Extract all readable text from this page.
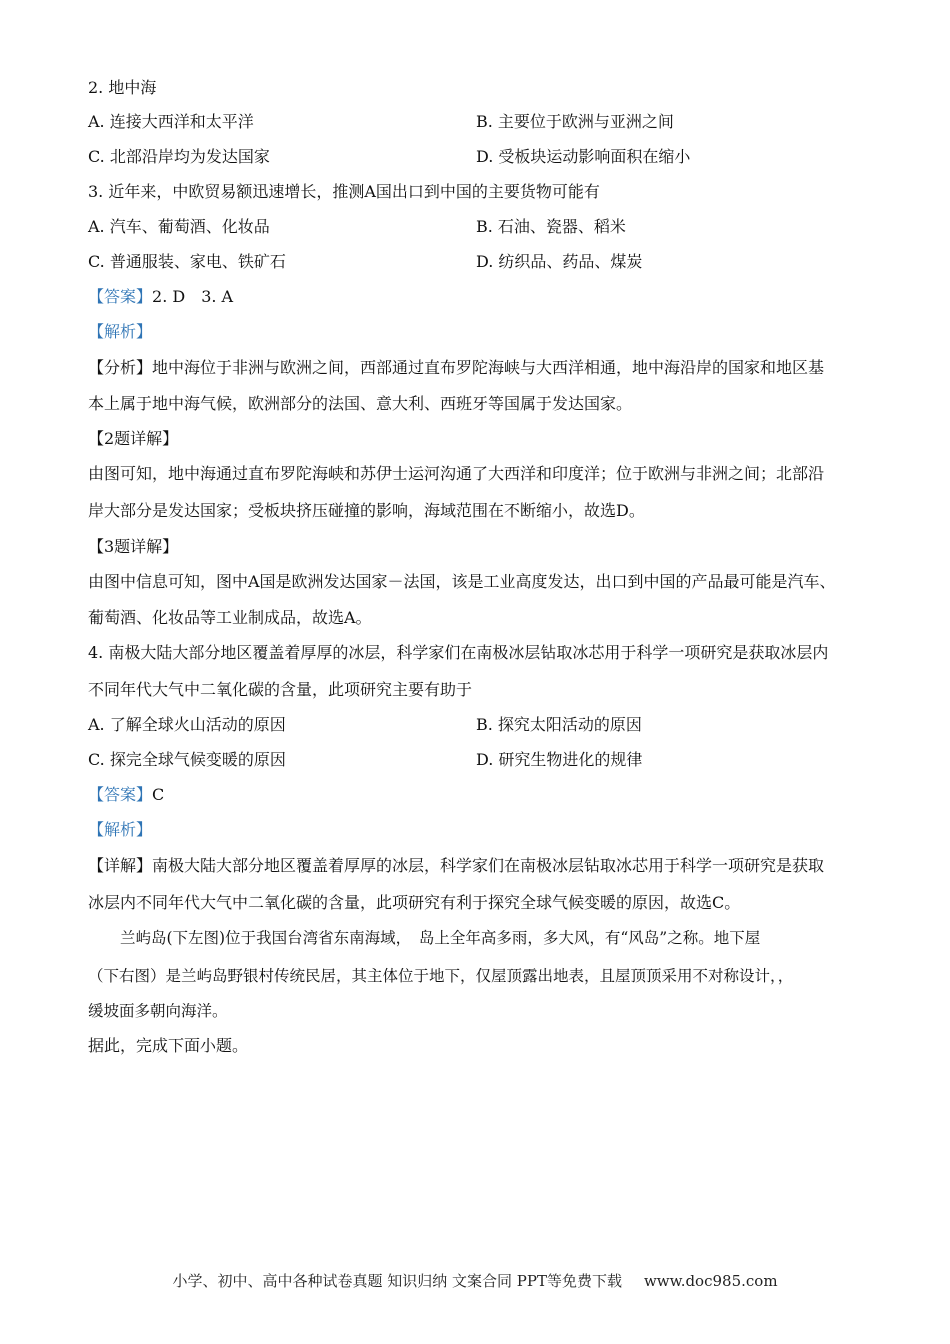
2. 地中海
A. 连接大西洋和太平洋	B. 主要位于欧洲与亚洲之间
C. 北部沿岸均为发达国家	D. 受板块运动影响面积在缩小
3. 近年来，中欧贸易额迅速增长，推测A国出口到中国的主要货物可能有
A. 汽车、葡萄酒、化妆品	B. 石油、瓷器、稻米
C. 普通服装、家电、铁矿石	D. 纺织品、药品、煤炭
【答案】2. D　3. A
【解析】
【分析】地中海位于非洲与欧洲之间，西部通过直布罗陀海峡与大西洋相通，地中海沿岸的国家和地区基
本上属于地中海气候，欧洲部分的法国、意大利、西班牙等国属于发达国家。
【2题详解】
由图可知，地中海通过直布罗陀海峡和苏伊士运河沟通了大西洋和印度洋；位于欧洲与非洲之间；北部沿
岸大部分是发达国家；受板块挤压碰撞的影响，海域范围在不断缩小，故选D。
【3题详解】
由图中信息可知，图中A国是欧洲发达国家－法国，该是工业高度发达，出口到中国的产品最可能是汽车、
葡萄酒、化妆品等工业制成品，故选A。
4. 南极大陆大部分地区覆盖着厚厚的冰层，科学家们在南极冰层钻取冰芯用于科学一项研究是获取冰层内
不同年代大气中二氧化碳的含量，此项研究主要有助于
A. 了解全球火山活动的原因	B. 探究太阳活动的原因
C. 探完全球气候变暖的原因	D. 研究生物进化的规律
【答案】C
【解析】
【详解】南极大陆大部分地区覆盖着厚厚的冰层，科学家们在南极冰层钻取冰芯用于科学一项研究是获取
冰层内不同年代大气中二氧化碳的含量，此项研究有利于探究全球气候变暖的原因，故选C。
兰屿岛(下左图)位于我国台湾省东南海域，　岛上全年高多雨，多大风，有“风岛”之称。地下屋
（下右图）是兰屿岛野银村传统民居，其主体位于地下，仅屋顶露出地表，且屋顶顶采用不对称设计，，
缓坡面多朝向海洋。
据此，完成下面小题。
小学、初中、高中各种试卷真题 知识归纳 文案合同 PPT等免费下载 www.doc985.com
